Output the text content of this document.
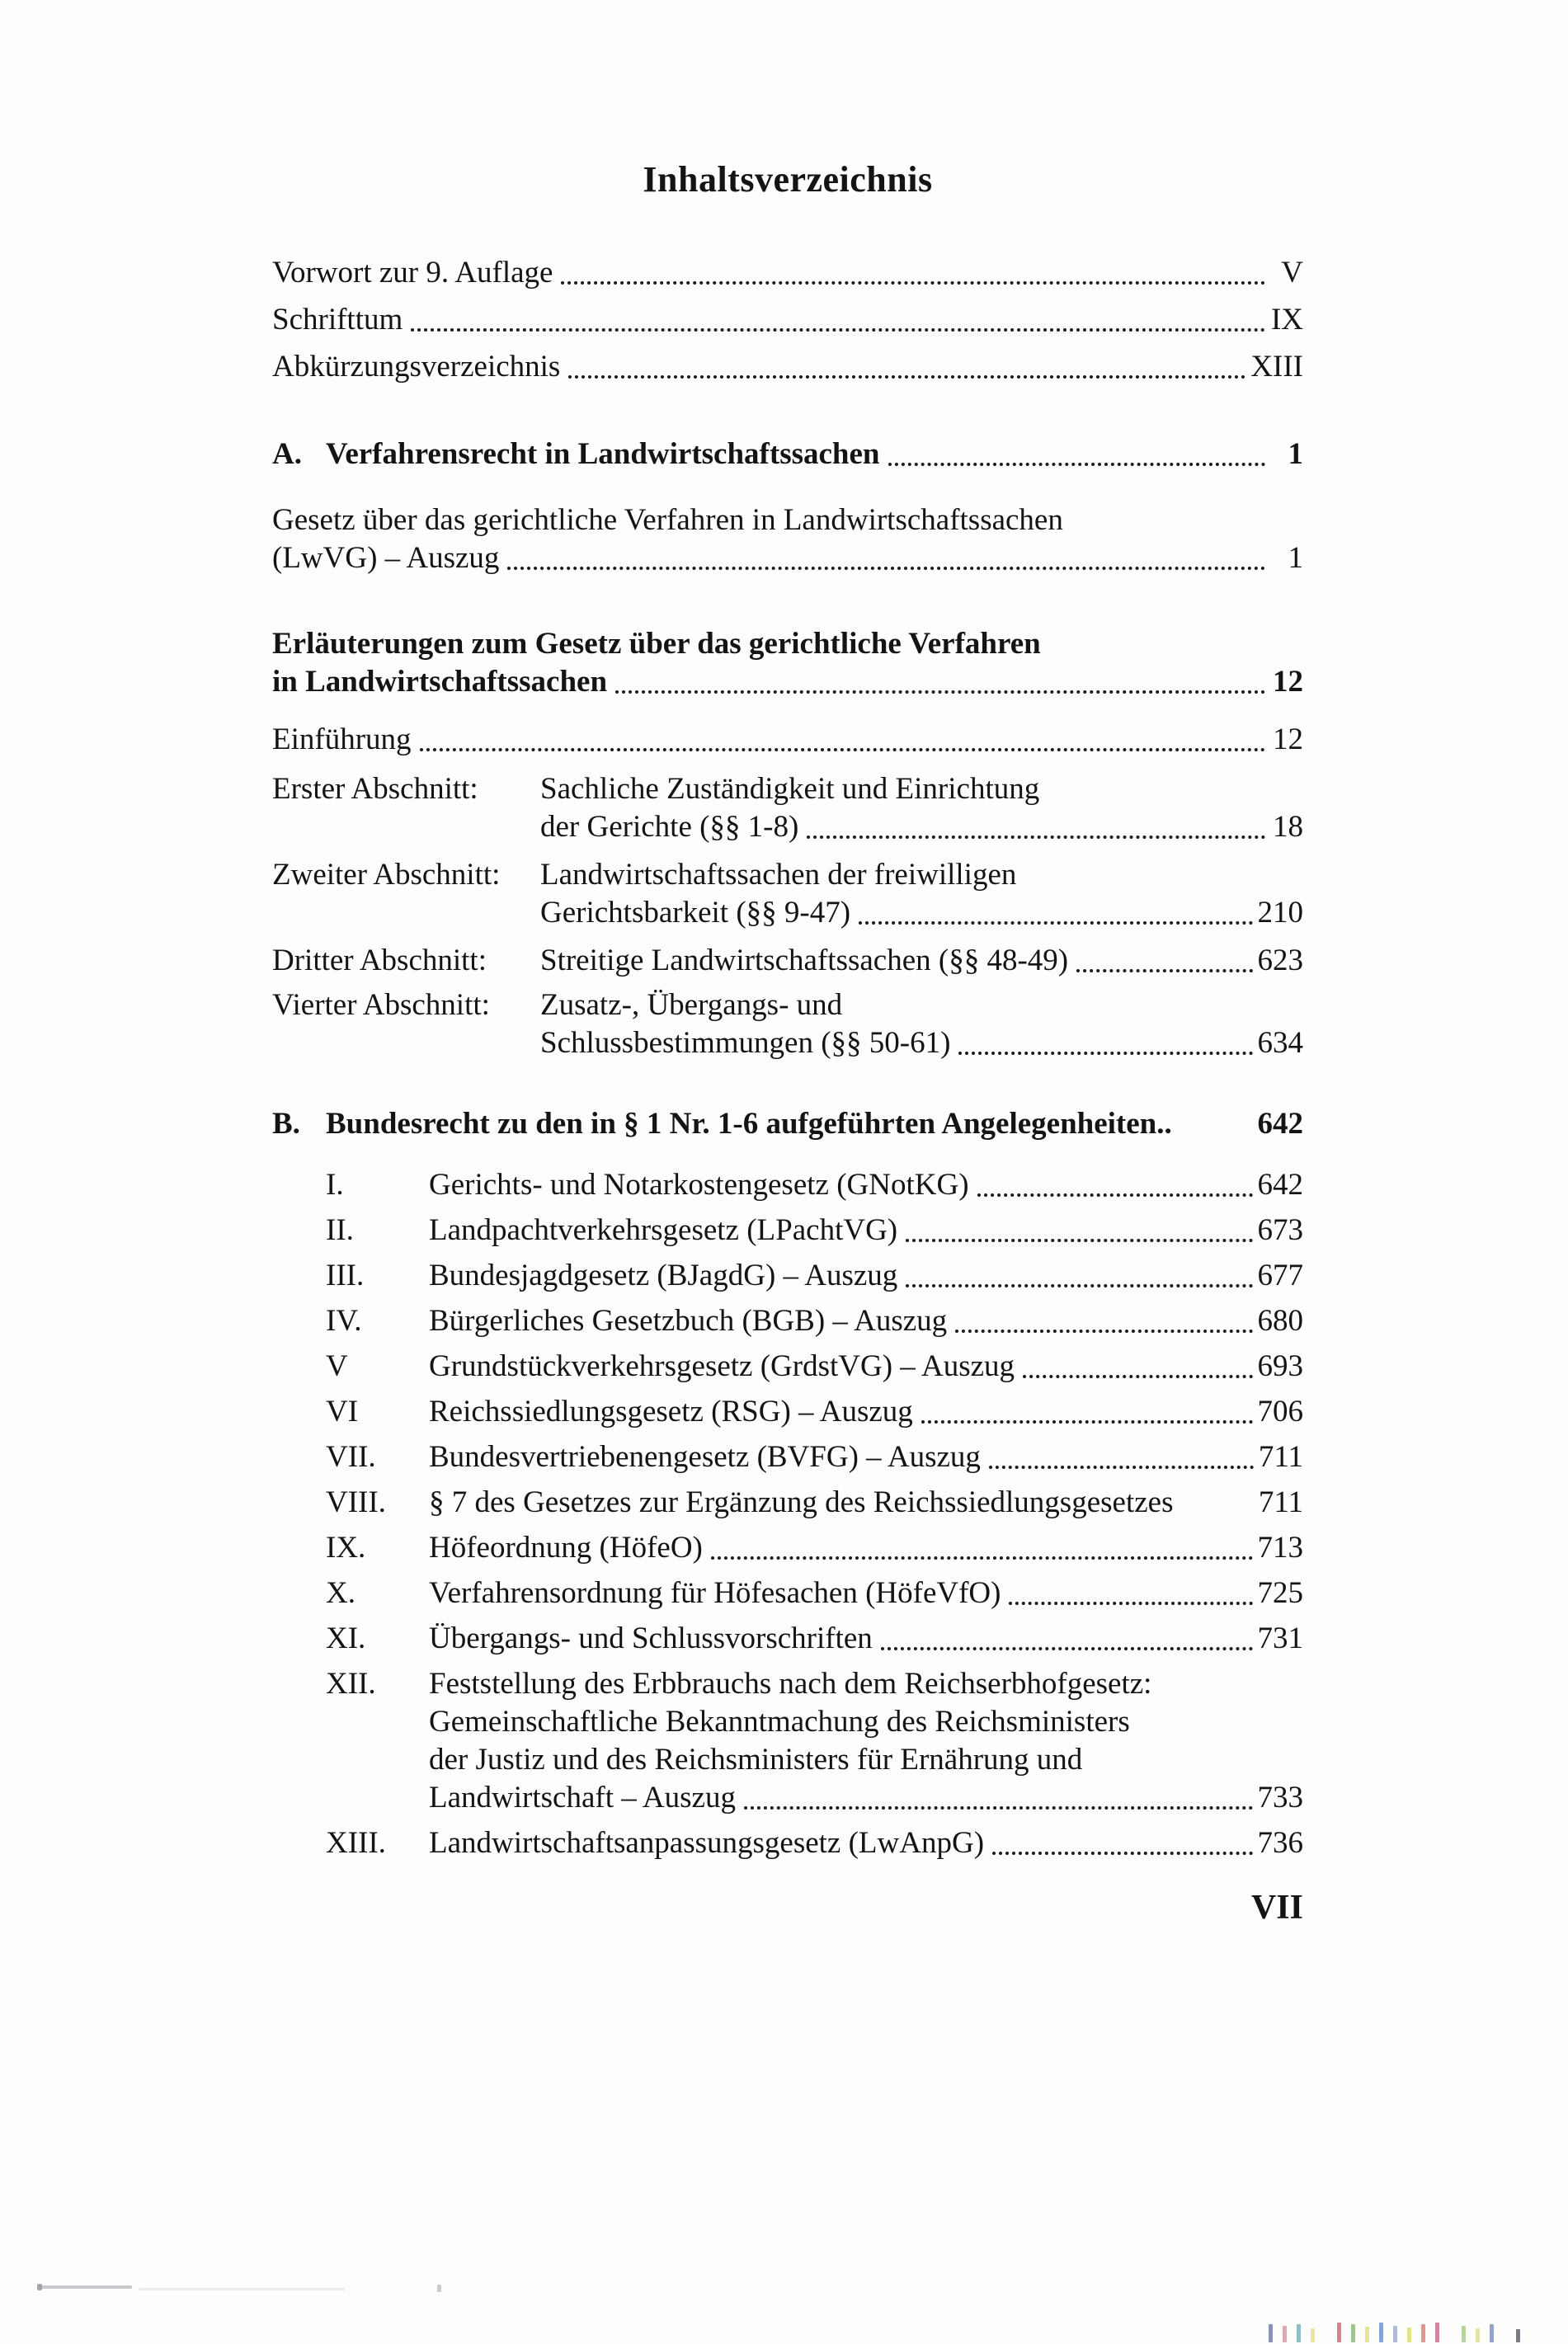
Inhaltsverzeichnis
Vorwort zur 9. Auflage	V
Schrifttum	IX
Abkürzungsverzeichnis	XIII
A. Verfahrensrecht in Landwirtschaftssachen	1
Gesetz über das gerichtliche Verfahren in Landwirtschaftssachen
(LwVG) – Auszug	1
Erläuterungen zum Gesetz über das gerichtliche Verfahren
in Landwirtschaftssachen	12
Einführung	12
Erster Abschnitt:	Sachliche Zuständigkeit und Einrichtung
der Gerichte (§§ 1-8)	18
Zweiter Abschnitt:	Landwirtschaftssachen der freiwilligen
Gerichtsbarkeit (§§ 9-47)	210
Dritter Abschnitt:	Streitige Landwirtschaftssachen (§§ 48-49)	623
Vierter Abschnitt:	Zusatz-, Übergangs- und
Schlussbestimmungen (§§ 50-61)	634
B. Bundesrecht zu den in § 1 Nr. 1-6 aufgeführten Angelegenheiten..	642
I.	Gerichts- und Notarkostengesetz (GNotKG)	642
II.	Landpachtverkehrsgesetz (LPachtVG)	673
III.	Bundesjagdgesetz (BJagdG) – Auszug	677
IV.	Bürgerliches Gesetzbuch (BGB) – Auszug	680
V	Grundstückverkehrsgesetz (GrdstVG) – Auszug	693
VI	Reichssiedlungsgesetz (RSG) – Auszug	706
VII.	Bundesvertriebenengesetz (BVFG) – Auszug	711
VIII.	§ 7 des Gesetzes zur Ergänzung des Reichssiedlungsgesetzes	711
IX.	Höfeordnung (HöfeO)	713
X.	Verfahrensordnung für Höfesachen (HöfeVfO)	725
XI.	Übergangs- und Schlussvorschriften	731
XII.	Feststellung des Erbbrauchs nach dem Reichserbhofgesetz:
Gemeinschaftliche Bekanntmachung des Reichsministers
der Justiz und des Reichsministers für Ernährung und
Landwirtschaft – Auszug	733
XIII.	Landwirtschaftsanpassungsgesetz (LwAnpG)	736
VII
